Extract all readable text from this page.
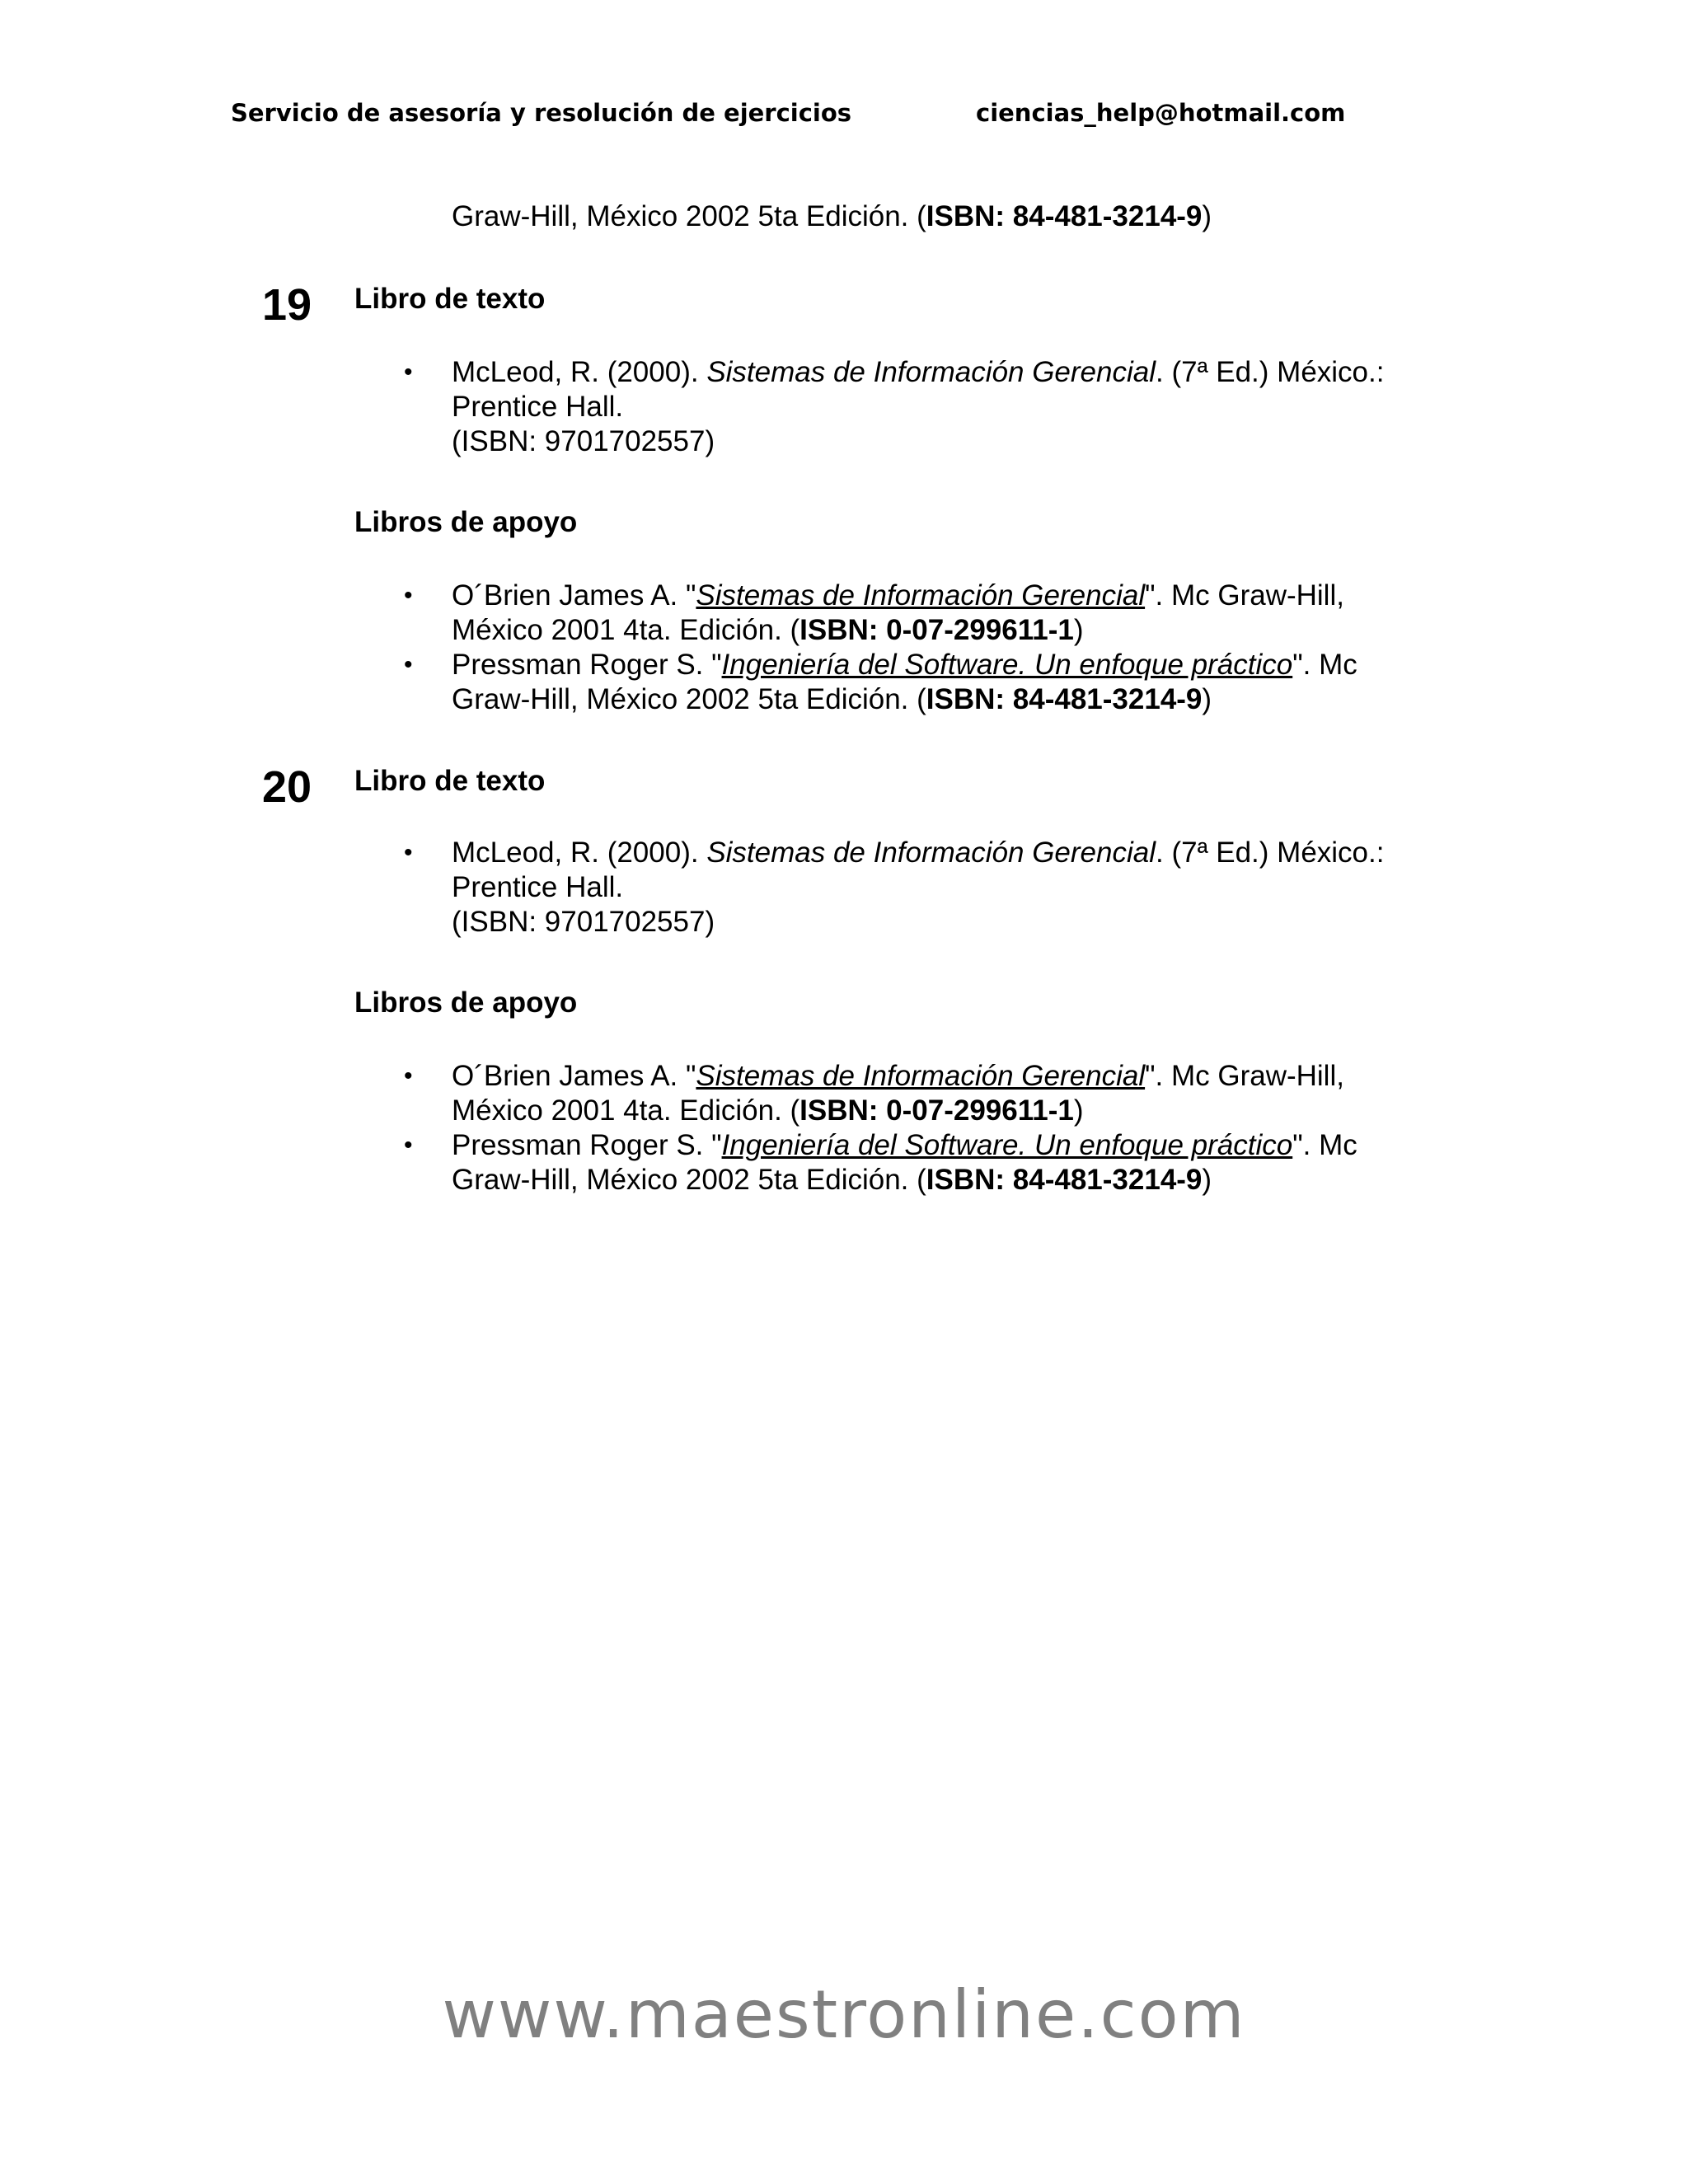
Servicio de asesoría y resolución de ejercicios	ciencias_help@hotmail.com
Graw-Hill, México 2002 5ta Edición. (ISBN: 84-481-3214-9)
19 Libro de texto
• McLeod, R. (2000). Sistemas de Información Gerencial. (7ª Ed.) México.:
Prentice Hall.
(ISBN: 9701702557)
Libros de apoyo
• O´Brien James A. "Sistemas de Información Gerencial". Mc Graw-Hill,
México 2001 4ta. Edición. (ISBN: 0-07-299611-1)
• Pressman Roger S. "Ingeniería del Software. Un enfoque práctico". Mc
Graw-Hill, México 2002 5ta Edición. (ISBN: 84-481-3214-9)
20 Libro de texto
• McLeod, R. (2000). Sistemas de Información Gerencial. (7ª Ed.) México.:
Prentice Hall.
(ISBN: 9701702557)
Libros de apoyo
• O´Brien James A. "Sistemas de Información Gerencial". Mc Graw-Hill,
México 2001 4ta. Edición. (ISBN: 0-07-299611-1)
• Pressman Roger S. "Ingeniería del Software. Un enfoque práctico". Mc
Graw-Hill, México 2002 5ta Edición. (ISBN: 84-481-3214-9)
www.maestronline.com
